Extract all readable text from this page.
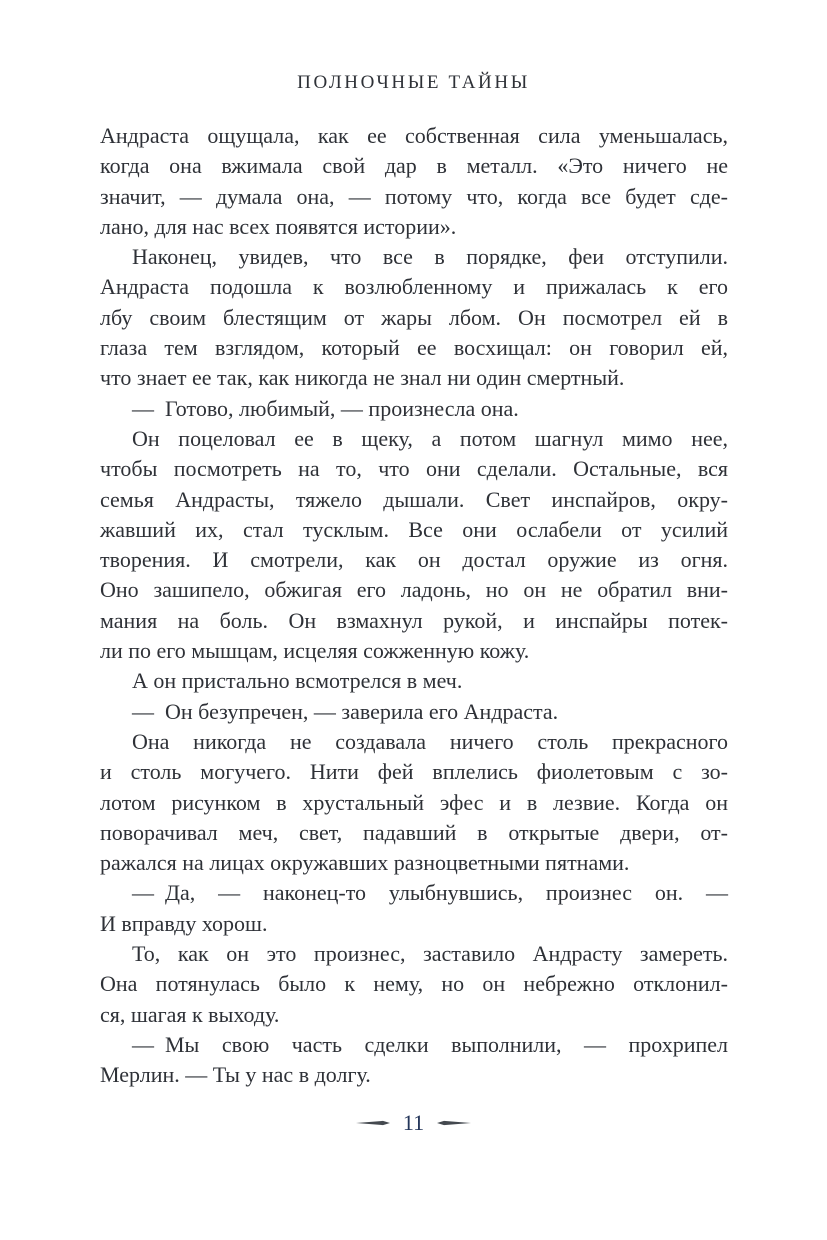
ПОЛНОЧНЫЕ ТАЙНЫ
Андраста ощущала, как ее собственная сила уменьшалась,
когда она вжимала свой дар в металл. «Это ничего не
значит, — думала она, — потому что, когда все будет сде-
лано, для нас всех появятся истории».
Наконец, увидев, что все в порядке, феи отступили.
Андраста подошла к возлюбленному и прижалась к его
лбу своим блестящим от жары лбом. Он посмотрел ей в
глаза тем взглядом, который ее восхищал: он говорил ей,
что знает ее так, как никогда не знал ни один смертный.
— Готово, любимый, — произнесла она.
Он поцеловал ее в щеку, а потом шагнул мимо нее,
чтобы посмотреть на то, что они сделали. Остальные, вся
семья Андрасты, тяжело дышали. Свет инспайров, окру-
жавший их, стал тусклым. Все они ослабели от усилий
творения. И смотрели, как он достал оружие из огня.
Оно зашипело, обжигая его ладонь, но он не обратил вни-
мания на боль. Он взмахнул рукой, и инспайры потек-
ли по его мышцам, исцеляя сожженную кожу.
А он пристально всмотрелся в меч.
— Он безупречен, — заверила его Андраста.
Она никогда не создавала ничего столь прекрасного
и столь могучего. Нити фей вплелись фиолетовым с зо-
лотом рисунком в хрустальный эфес и в лезвие. Когда он
поворачивал меч, свет, падавший в открытые двери, от-
ражался на лицах окружавших разноцветными пятнами.
— Да, — наконец-то улыбнувшись, произнес он. —
И вправду хорош.
То, как он это произнес, заставило Андрасту замереть.
Она потянулась было к нему, но он небрежно отклонил-
ся, шагая к выходу.
— Мы свою часть сделки выполнили, — прохрипел
Мерлин. — Ты у нас в долгу.
11
